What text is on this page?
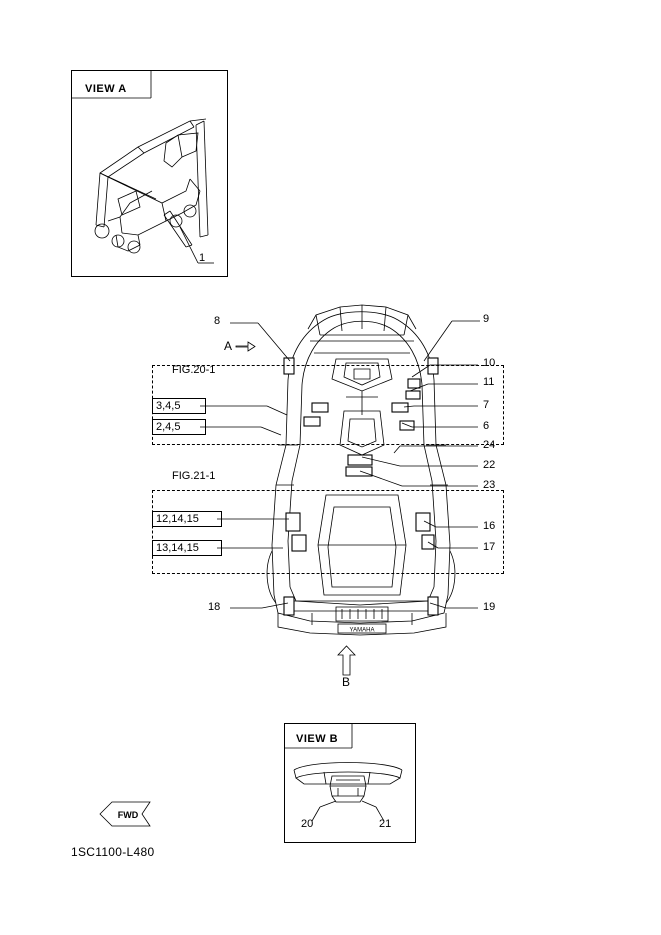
VIEW A
1
YAMAHA
FIG.20-1
FIG.21-1
3,4,5
2,4,5
12,14,15
13,14,15
A
B
8	9
10
11
7
6
24
22
23
16
17
18	19
VIEW B
20	21
FWD
1SC1100-L480
